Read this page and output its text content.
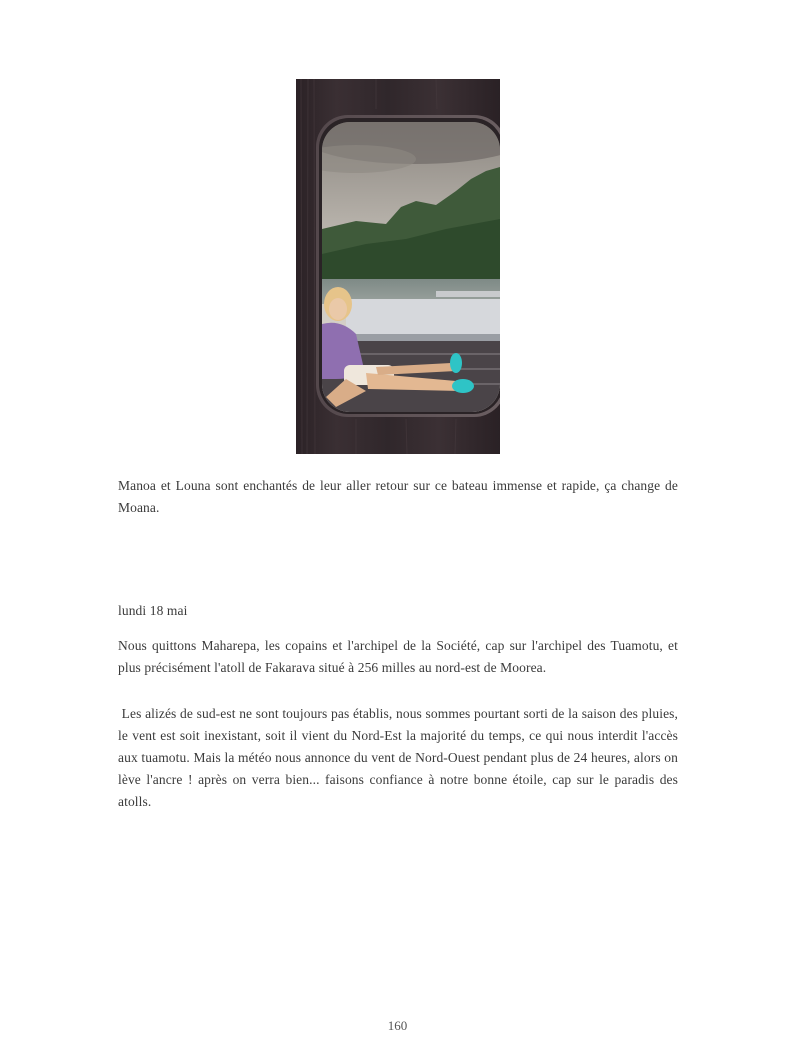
Manoa et Louna sont enchantés de leur aller retour sur ce bateau immense et rapide, ça change de Moana.

lundi 18 mai

Nous quittons Maharepa, les copains et l'archipel de la Société, cap sur l'archipel des Tuamotu, et plus précisément l'atoll de Fakarava situé à 256 milles au nord-est de Moorea.

Les alizés de sud-est ne sont toujours pas établis, nous sommes pourtant sorti de la saison des pluies, le vent est soit inexistant, soit il vient du Nord-Est la majorité du temps, ce qui nous interdit l'accès aux tuamotu. Mais la météo nous annonce du vent de Nord-Ouest pendant plus de 24 heures, alors on lève l'ancre ! après on verra bien... faisons confiance à notre bonne étoile, cap sur le paradis des atolls.

160
